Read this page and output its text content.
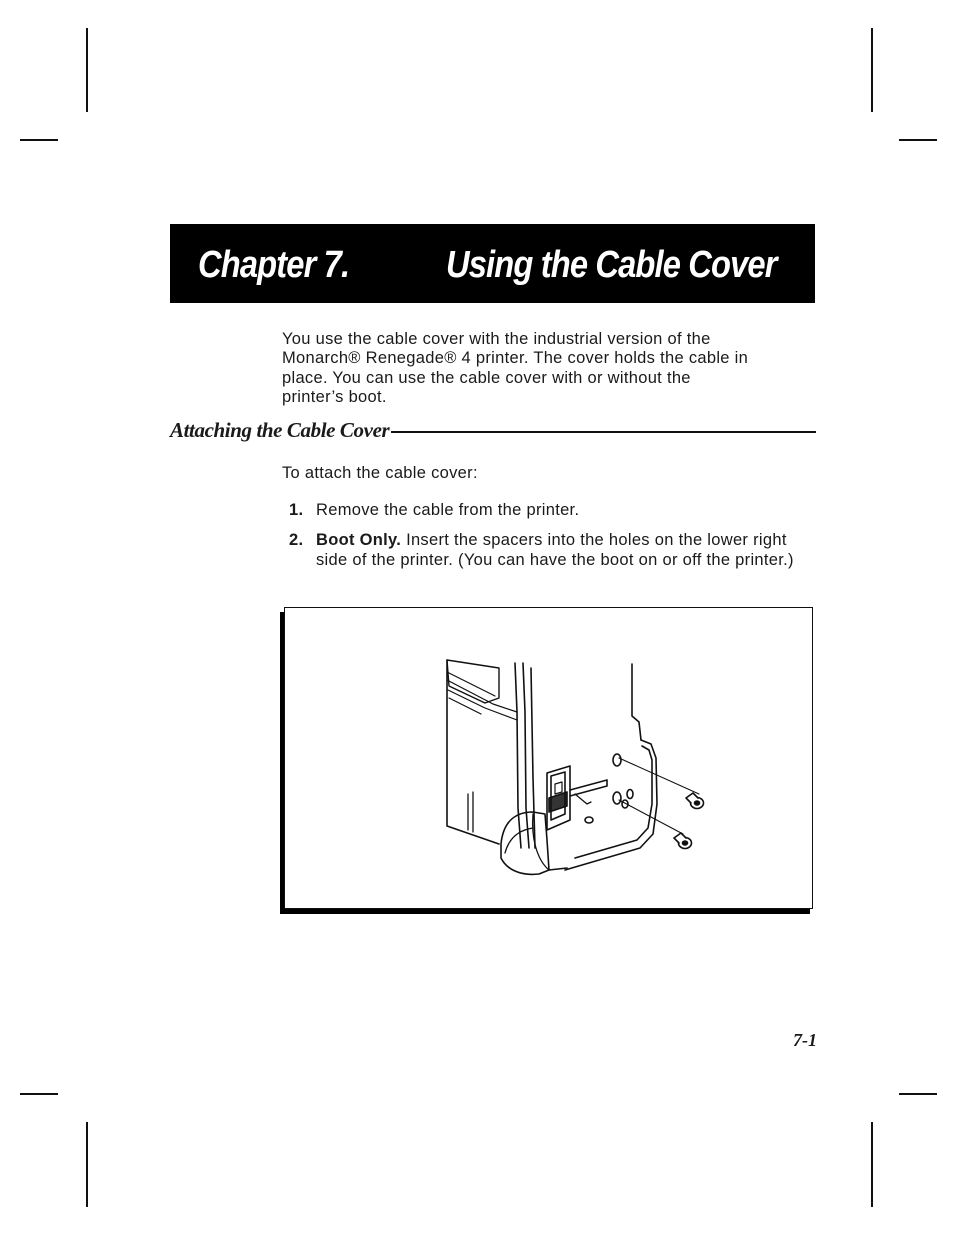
Chapter 7.	Using the Cable Cover
You use the cable cover with the industrial version of the
Monarch® Renegade® 4 printer. The cover holds the cable in
place. You can use the cable cover with or without the
printer’s boot.
Attaching the Cable Cover
To attach the cable cover:
1. Remove the cable from the printer.
2. Boot Only. Insert the spacers into the holes on the lower right side of the printer. (You can have the boot on or off the printer.)
7-1
